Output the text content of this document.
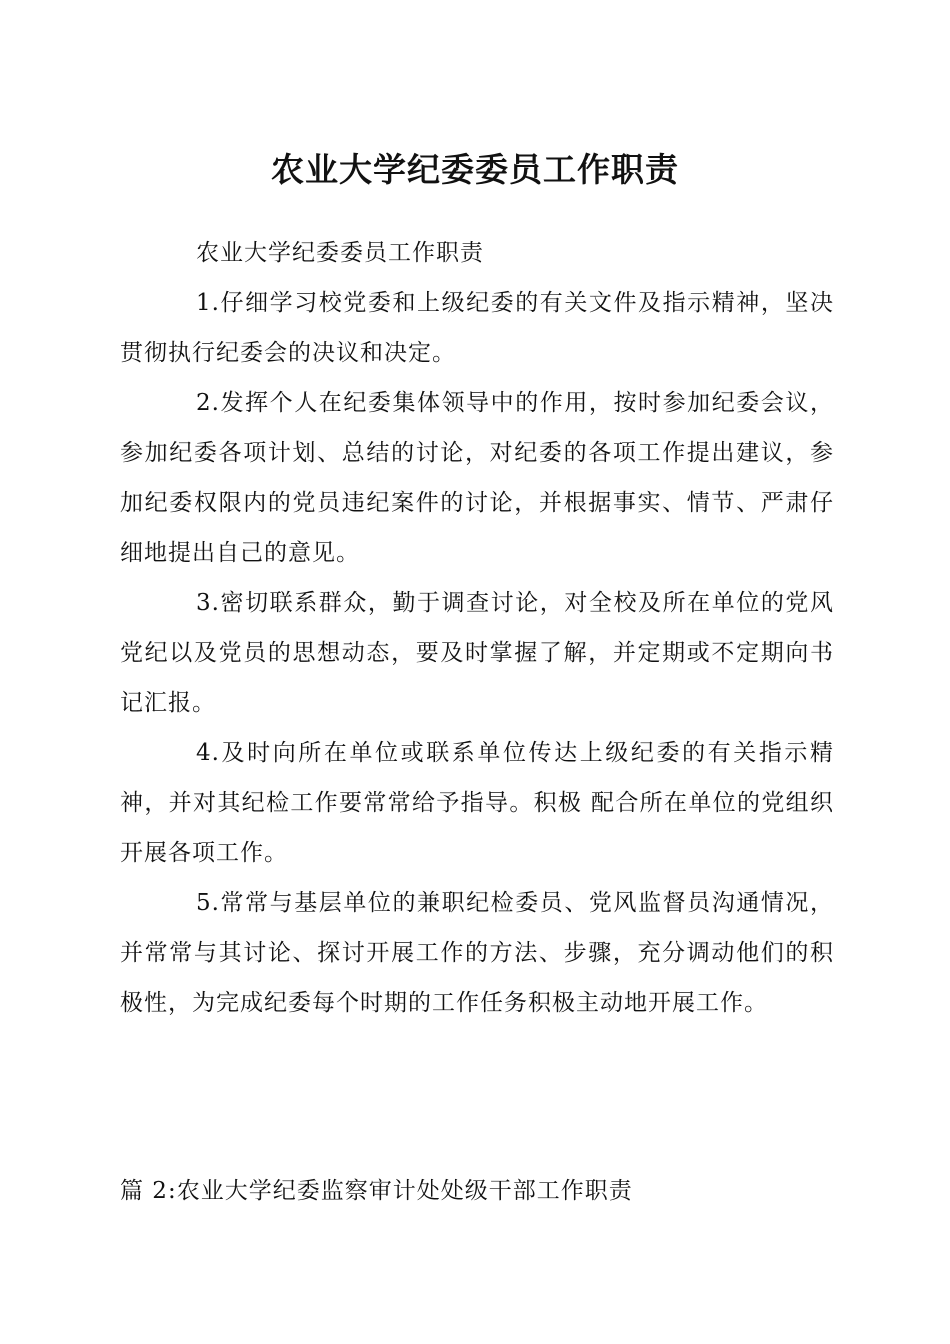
农业大学纪委委员工作职责

农业大学纪委委员工作职责

1.仔细学习校党委和上级纪委的有关文件及指示精神，坚决贯彻执行纪委会的决议和决定。

2.发挥个人在纪委集体领导中的作用，按时参加纪委会议，参加纪委各项计划、总结的讨论，对纪委的各项工作提出建议，参加纪委权限内的党员违纪案件的讨论，并根据事实、情节、严肃仔细地提出自己的意见。

3.密切联系群众，勤于调查讨论，对全校及所在单位的党风党纪以及党员的思想动态，要及时掌握了解，并定期或不定期向书记汇报。

4.及时向所在单位或联系单位传达上级纪委的有关指示精神，并对其纪检工作要常常给予指导。积极 配合所在单位的党组织开展各项工作。

5.常常与基层单位的兼职纪检委员、党风监督员沟通情况，并常常与其讨论、探讨开展工作的方法、步骤，充分调动他们的积极性，为完成纪委每个时期的工作任务积极主动地开展工作。

篇 2:农业大学纪委监察审计处处级干部工作职责
